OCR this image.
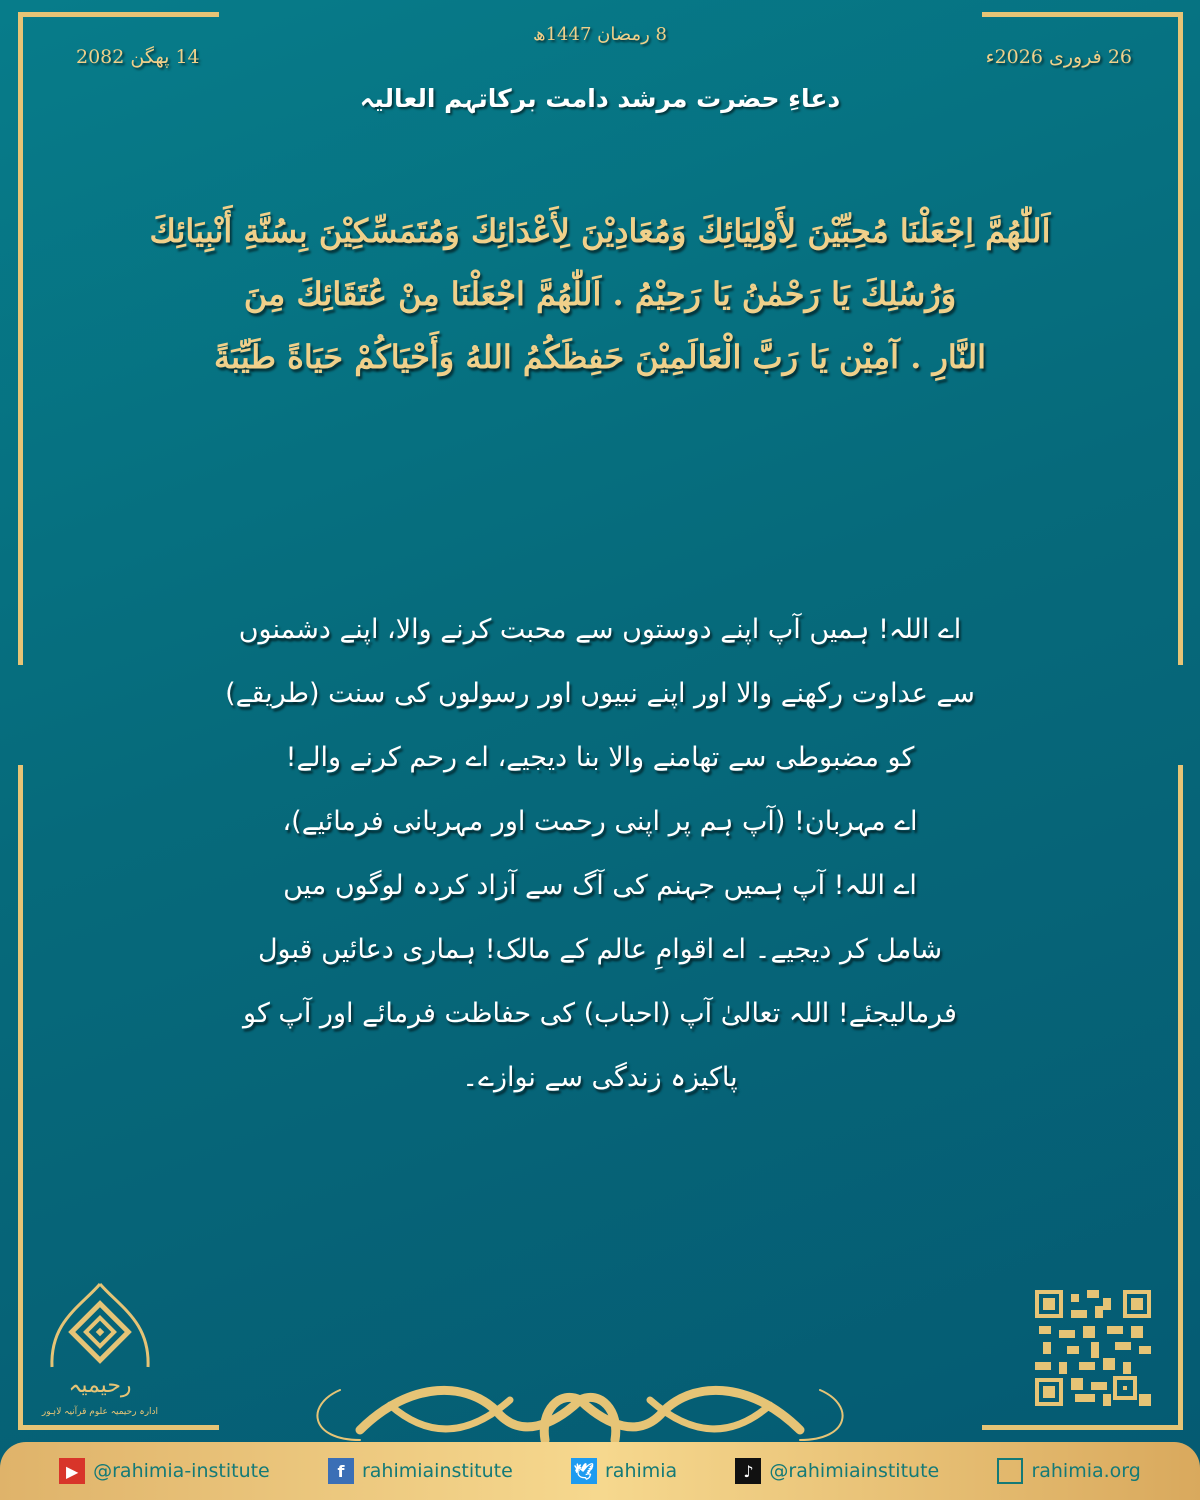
8 رمضان 1447ھ
26 فروری 2026ء
14 پھگن 2082
دعاءِ حضرت مرشد دامت برکاتہم العالیہ
اَللّٰهُمَّ اِجْعَلْنَا مُحِبِّيْنَ لِأَوْلِيَائِكَ وَمُعَادِيْنَ لِأَعْدَائِكَ وَمُتَمَسِّكِيْنَ بِسُنَّةِ أَنْبِيَائِكَ
وَرُسُلِكَ يَا رَحْمٰنُ يَا رَحِيْمُ . اَللّٰهُمَّ اجْعَلْنَا مِنْ عُتَقَائِكَ مِنَ
النَّارِ . آمِيْن يَا رَبَّ الْعَالَمِيْنَ حَفِظَكُمُ اللهُ وَأَحْيَاكُمْ حَيَاةً طَيِّبَةً
اے اللہ! ہمیں آپ اپنے دوستوں سے محبت کرنے والا، اپنے دشمنوں
سے عداوت رکھنے والا اور اپنے نبیوں اور رسولوں کی سنت (طریقے)
کو مضبوطی سے تھامنے والا بنا دیجیے، اے رحم کرنے والے!
اے مہربان! (آپ ہم پر اپنی رحمت اور مہربانی فرمائیے)،
اے اللہ! آپ ہمیں جہنم کی آگ سے آزاد کردہ لوگوں میں
شامل کر دیجیے۔ اے اقوامِ عالم کے مالک! ہماری دعائیں قبول
فرمالیجئے! اللہ تعالیٰ آپ (احباب) کی حفاظت فرمائے اور آپ کو
پاکیزہ زندگی سے نوازے۔
رحیمیہ
ادارہ رحیمیہ علوم قرآنیہ لاہور
▶ @rahimia-institute	f rahimiainstitute	🕊 rahimia	♪ @rahimiainstitute	rahimia.org
